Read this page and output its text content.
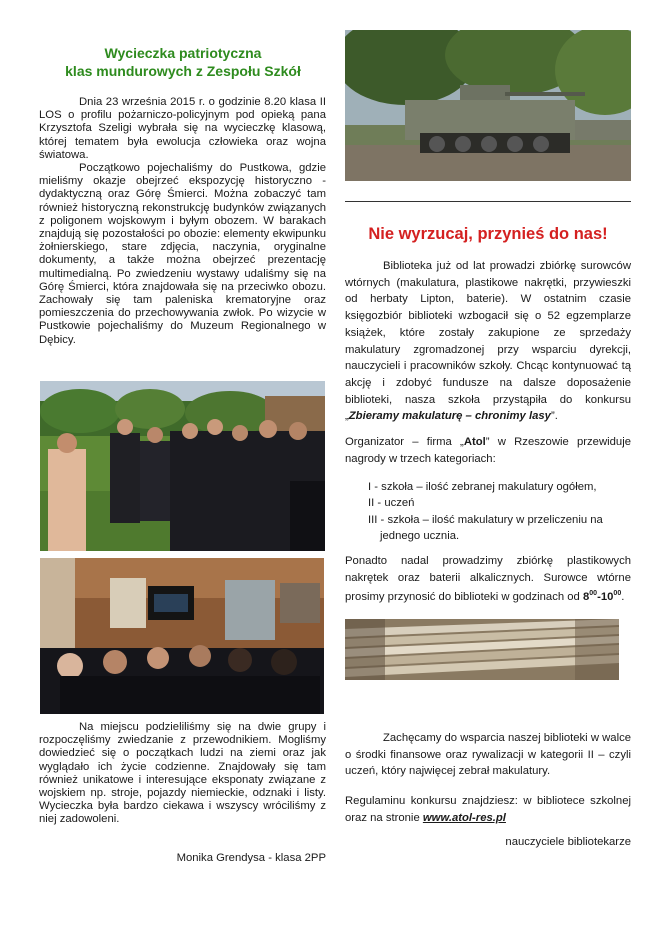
Wycieczka patriotyczna
klas mundurowych z Zespołu Szkół
Dnia 23 września 2015 r. o godzinie 8.20 klasa II LOS o profilu pożarniczo-policyjnym pod opieką pana Krzysztofa Szeligi wybrała się na wycieczkę klasową, której tematem była ewolucja człowieka oraz wojna światowa.
Początkowo pojechaliśmy do Pustkowa, gdzie mieliśmy okazje obejrzeć ekspozycję historyczno - dydaktyczną oraz Górę Śmierci. Można zobaczyć tam również historyczną rekonstrukcję budynków związanych z poligonem wojskowym i byłym obozem. W barakach znajdują się pozostałości po obozie: elementy ekwipunku żołnierskiego, stare zdjęcia, naczynia, oryginalne dokumenty, a także można obejrzeć prezentację multimedialną. Po zwiedzeniu wystawy udaliśmy się na Górę Śmierci, która znajdowała się na przeciwko obozu. Zachowały się tam paleniska krematoryjne oraz pomieszczenia do przechowywania zwłok. Po wizycie w Pustkowie pojechaliśmy do Muzeum Regionalnego w Dębicy.
Na miejscu podzieliliśmy się na dwie grupy i rozpoczęliśmy zwiedzanie z przewodnikiem. Mogliśmy dowiedzieć się o początkach ludzi na ziemi oraz jak wyglądało ich życie codzienne. Znajdowały się tam również unikatowe i interesujące eksponaty związane z wojskiem np. stroje, pojazdy niemieckie, odznaki i listy. Wycieczka była bardzo ciekawa i wszyscy wróciliśmy z niej zadowoleni.
Monika Grendysa - klasa 2PP
Nie wyrzucaj, przynieś do nas!
Biblioteka już od lat prowadzi zbiórkę surowców wtórnych (makulatura, plastikowe nakrętki, przywieszki od herbaty Lipton, baterie). W ostatnim czasie księgozbiór biblioteki wzbogacił się o 52 egzemplarze książek, które zostały zakupione ze sprzedaży makulatury zgromadzonej przy wsparciu dyrekcji, nauczycieli i pracowników szkoły. Chcąc kontynuować tą akcję i zdobyć fundusze na dalsze doposażenie biblioteki, nasza szkoła przystąpiła do konkursu „Zbieramy makulaturę – chronimy lasy”.
Organizator – firma „Atol” w Rzeszowie przewiduje nagrody w trzech kategoriach:
I - szkoła – ilość zebranej makulatury ogółem,
II - uczeń
III - szkoła – ilość makulatury w przeliczeniu na
jednego ucznia.
Ponadto nadal prowadzimy zbiórkę plastikowych nakrętek oraz baterii alkalicznych. Surowce wtórne prosimy przynosić do biblioteki w godzinach od $8^{00}-10^{00}$.
Zachęcamy do wsparcia naszej biblioteki w walce o środki finansowe oraz rywalizacji w kategorii II – czyli uczeń, który najwięcej zebrał makulatury.
Regulaminu konkursu znajdziesz: w bibliotece szkolnej oraz na stronie www.atol-res.pl
nauczyciele bibliotekarze
